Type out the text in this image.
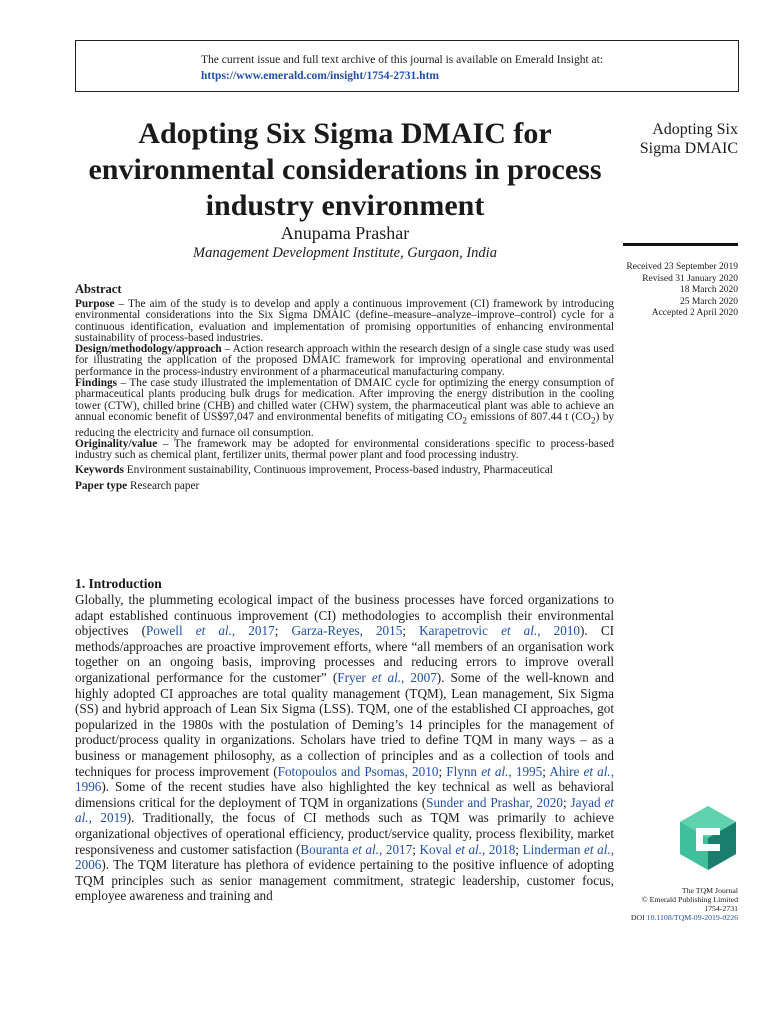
The current issue and full text archive of this journal is available on Emerald Insight at:
https://www.emerald.com/insight/1754-2731.htm
Adopting Six Sigma DMAIC for environmental considerations in process industry environment
Anupama Prashar
Management Development Institute, Gurgaon, India
Adopting Six Sigma DMAIC
Received 23 September 2019
Revised 31 January 2020
18 March 2020
25 March 2020
Accepted 2 April 2020

Abstract

Purpose – The aim of the study is to develop and apply a continuous improvement (CI) framework by introducing environmental considerations into the Six Sigma DMAIC (define–measure–analyze–improve–control) cycle for a continuous identification, evaluation and implementation of promising opportunities of enhancing environmental sustainability of process-based industries.

Design/methodology/approach – Action research approach within the research design of a single case study was used for illustrating the application of the proposed DMAIC framework for improving operational and environmental performance in the process-industry environment of a pharmaceutical manufacturing company.

Findings – The case study illustrated the implementation of DMAIC cycle for optimizing the energy consumption of pharmaceutical plants producing bulk drugs for medication. After improving the energy distribution in the cooling tower (CTW), chilled brine (CHB) and chilled water (CHW) system, the pharmaceutical plant was able to achieve an annual economic benefit of US$97,047 and environmental benefits of mitigating $CO_2$ emissions of 807.44 t $(CO_2)$ by reducing the electricity and furnace oil consumption.

Originality/value – The framework may be adopted for environmental considerations specific to process-based industry such as chemical plant, fertilizer units, thermal power plant and food processing industry.

Keywords Environment sustainability, Continuous improvement, Process-based industry, Pharmaceutical

Paper type Research paper

1. Introduction

Globally, the plummeting ecological impact of the business processes have forced organizations to adapt established continuous improvement (CI) methodologies to accomplish their environmental objectives (Powell et al., 2017; Garza-Reyes, 2015; Karapetrovic et al., 2010). CI methods/approaches are proactive improvement efforts, where “all members of an organisation work together on an ongoing basis, improving processes and reducing errors to improve overall organizational performance for the customer” (Fryer et al., 2007). Some of the well-known and highly adopted CI approaches are total quality management (TQM), Lean management, Six Sigma (SS) and hybrid approach of Lean Six Sigma (LSS). TQM, one of the established CI approaches, got popularized in the 1980s with the postulation of Deming’s 14 principles for the management of product/process quality in organizations. Scholars have tried to define TQM in many ways – as a business or management philosophy, as a collection of principles and as a collection of tools and techniques for process improvement (Fotopoulos and Psomas, 2010; Flynn et al., 1995; Ahire et al., 1996). Some of the recent studies have also highlighted the key technical as well as behavioral dimensions critical for the deployment of TQM in organizations (Sunder and Prashar, 2020; Jayad et al., 2019). Traditionally, the focus of CI methods such as TQM was primarily to achieve organizational objectives of operational efficiency, product/service quality, process flexibility, market responsiveness and customer satisfaction (Bouranta et al., 2017; Koval et al., 2018; Linderman et al., 2006). The TQM literature has plethora of evidence pertaining to the positive influence of adopting TQM principles such as senior management commitment, strategic leadership, customer focus, employee awareness and training and	The TQM Journal
© Emerald Publishing Limited
1754-2731
DOI 10.1108/TQM-09-2019-0226
